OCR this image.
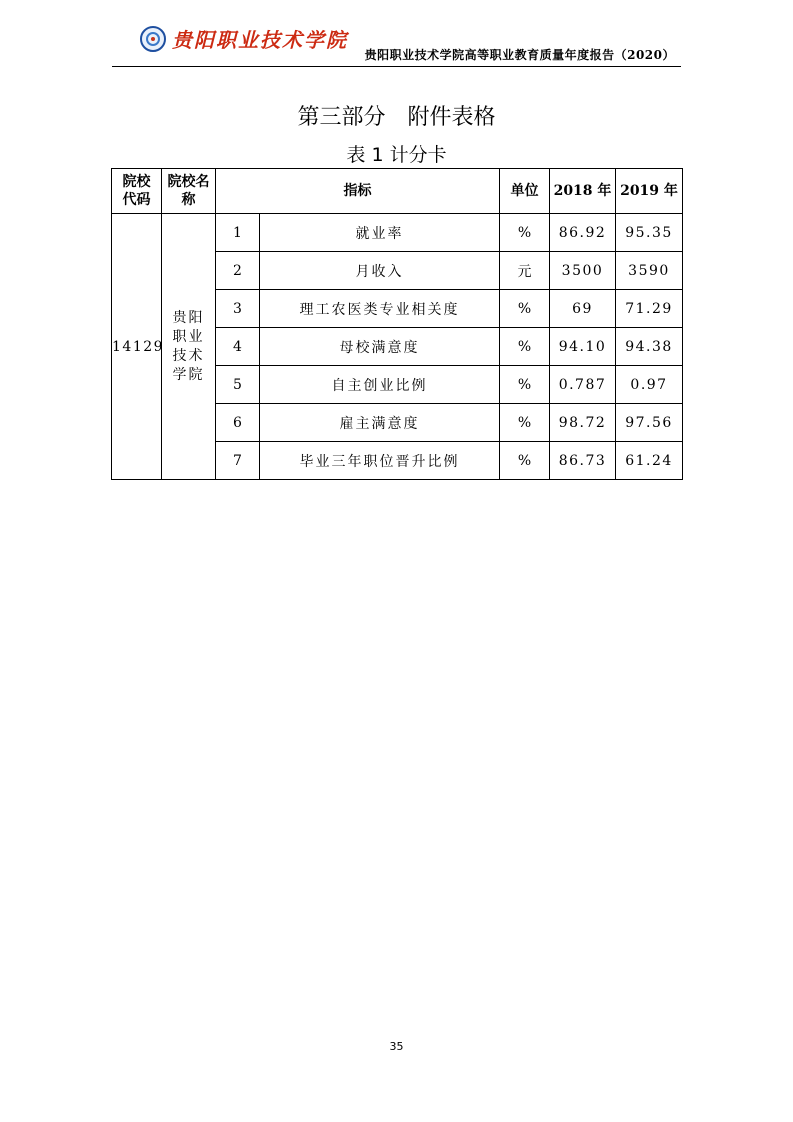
贵阳职业技术学院
贵阳职业技术学院高等职业教育质量年度报告（2020）
第三部分　附件表格
表 1 计分卡
院校代码	院校名称	指标		单位	2018 年	2019 年
14129	贵阳职业技术学院	1	就业率	%	86.92	95.35
		2	月收入	元	3500	3590
		3	理工农医类专业相关度	%	69	71.29
		4	母校满意度	%	94.10	94.38
		5	自主创业比例	%	0.787	0.97
		6	雇主满意度	%	98.72	97.56
		7	毕业三年职位晋升比例	%	86.73	61.24
35
